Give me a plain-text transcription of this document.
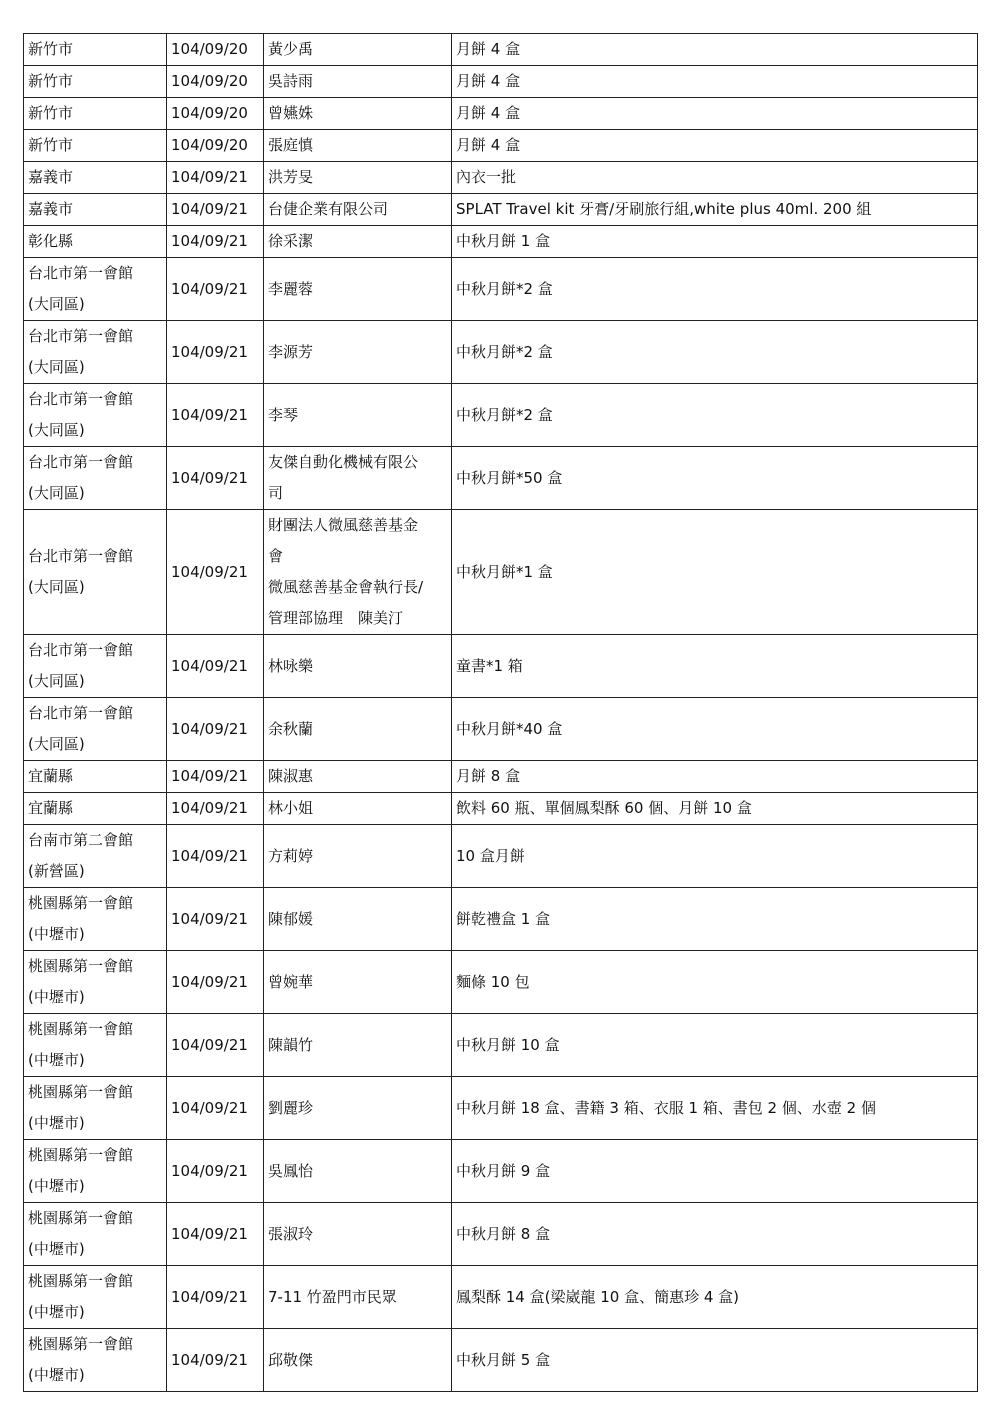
新竹市	104/09/20	黃少禹	月餅 4 盒

新竹市	104/09/20	吳詩雨	月餅 4 盒

新竹市	104/09/20	曾嬿姝	月餅 4 盒

新竹市	104/09/20	張庭慎	月餅 4 盒

嘉義市	104/09/21	洪芳旻	內衣一批

嘉義市	104/09/21	台倢企業有限公司	SPLAT Travel kit 牙膏/牙刷旅行組,white plus 40ml. 200 組

彰化縣	104/09/21	徐采潔	中秋月餅 1 盒

台北市第一會館
(大同區)	104/09/21	李麗蓉	中秋月餅*2 盒

台北市第一會館
(大同區)	104/09/21	李源芳	中秋月餅*2 盒

台北市第一會館
(大同區)	104/09/21	李琴	中秋月餅*2 盒

台北市第一會館
(大同區)	104/09/21	友傑自動化機械有限公
司	中秋月餅*50 盒

台北市第一會館
(大同區)	104/09/21	財團法人微風慈善基金
會
微風慈善基金會執行長/
管理部協理　陳美汀	中秋月餅*1 盒

台北市第一會館
(大同區)	104/09/21	林咏樂	童書*1 箱

台北市第一會館
(大同區)	104/09/21	余秋蘭	中秋月餅*40 盒

宜蘭縣	104/09/21	陳淑惠	月餅 8 盒

宜蘭縣	104/09/21	林小姐	飲料 60 瓶、單個鳳梨酥 60 個、月餅 10 盒

台南市第二會館
(新營區)	104/09/21	方莉婷	10 盒月餅

桃園縣第一會館
(中壢市)	104/09/21	陳郁媛	餅乾禮盒 1 盒

桃園縣第一會館
(中壢市)	104/09/21	曾婉華	麵條 10 包

桃園縣第一會館
(中壢市)	104/09/21	陳韻竹	中秋月餅 10 盒

桃園縣第一會館
(中壢市)	104/09/21	劉麗珍	中秋月餅 18 盒、書籍 3 箱、衣服 1 箱、書包 2 個、水壺 2 個

桃園縣第一會館
(中壢市)	104/09/21	吳鳳怡	中秋月餅 9 盒

桃園縣第一會館
(中壢市)	104/09/21	張淑玲	中秋月餅 8 盒

桃園縣第一會館
(中壢市)	104/09/21	7-11 竹盈門市民眾	鳳梨酥 14 盒(梁崴龍 10 盒、簡惠珍 4 盒)

桃園縣第一會館
(中壢市)	104/09/21	邱敬傑	中秋月餅 5 盒
